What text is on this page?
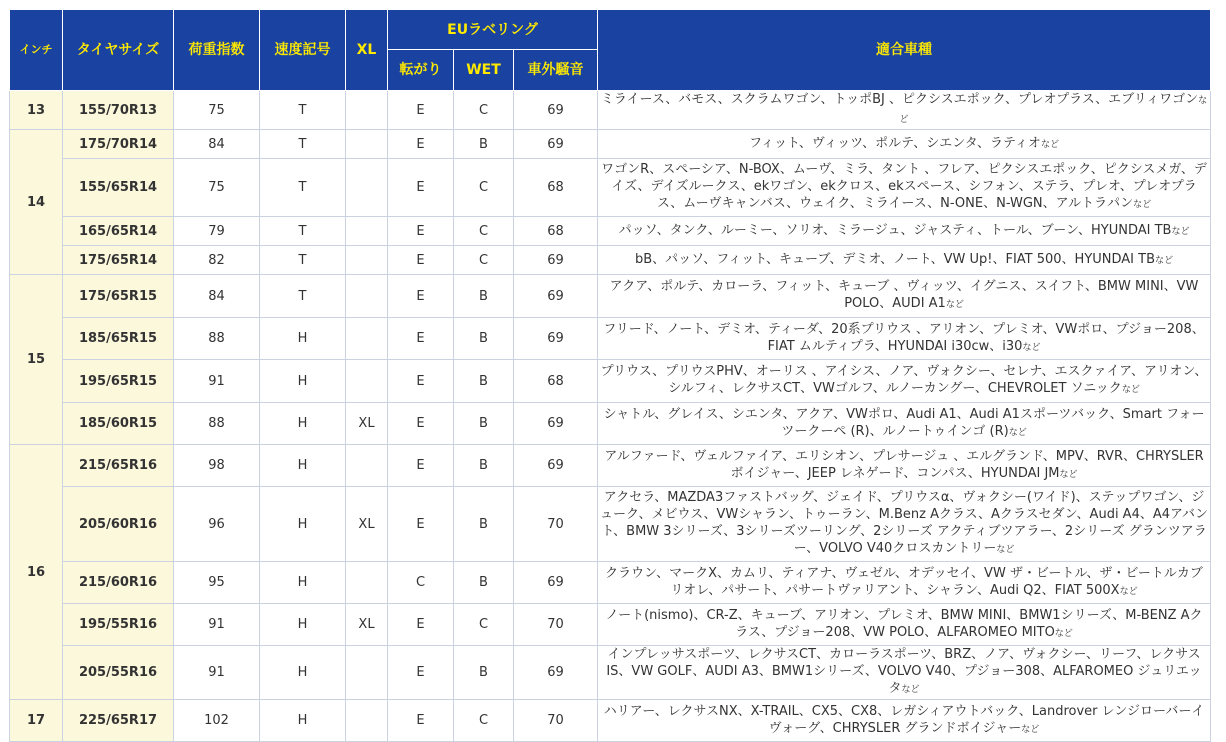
インチ	タイヤサイズ	荷重指数	速度記号	XL	EUラベリング			適合車種
					転がり	WET	車外騒音	
13	155/70R13	75	T		E	C	69	ミライース、バモス、スクラムワゴン、トッポBJ 、ピクシスエポック、プレオプラス、エブリィワゴンなど
14	175/70R14	84	T		E	B	69	フィット、ヴィッツ、ポルテ、シエンタ、ラティオなど
	155/65R14	75	T		E	C	68	ワゴンR、スペーシア、N-BOX、ムーヴ、ミラ、タント 、フレア、ピクシスエポック、ピクシスメガ、デイズ、デイズルークス、ekワゴン、ekクロス、ekスペース、シフォン、ステラ、プレオ、プレオプラス、ムーヴキャンバス、ウェイク、ミライース、N-ONE、N-WGN、アルトラパンなど
	165/65R14	79	T		E	C	68	パッソ、タンク、ルーミー、ソリオ、ミラージュ、ジャスティ、トール、ブーン、HYUNDAI TBなど
	175/65R14	82	T		E	C	69	bB、パッソ、フィット、キューブ、デミオ、ノート、VW Up!、FIAT 500、HYUNDAI TBなど
15	175/65R15	84	T		E	B	69	アクア、ポルテ、カローラ、フィット、キューブ 、ヴィッツ、イグニス、スイフト、BMW MINI、VW POLO、AUDI A1など
	185/65R15	88	H		E	B	69	フリード、ノート、デミオ、ティーダ、20系プリウス 、アリオン、プレミオ、VWポロ、プジョー208、FIAT ムルティプラ、HYUNDAI i30cw、i30など
	195/65R15	91	H		E	B	68	プリウス、プリウスPHV、オーリス 、アイシス、ノア、ヴォクシー、セレナ、エスクァイア、アリオン、シルフィ、レクサスCT、VWゴルフ、ルノーカングー、CHEVROLET ソニックなど
	185/60R15	88	H	XL	E	B	69	シャトル、グレイス、シエンタ、アクア、VWポロ、Audi A1、Audi A1スポーツバック、Smart フォーツークーペ (R)、ルノートゥインゴ (R)など
16	215/65R16	98	H		E	B	69	アルファード、ヴェルファイア、エリシオン、プレサージュ 、エルグランド、MPV、RVR、CHRYSLER ボイジャー、JEEP レネゲード、コンパス、HYUNDAI JMなど
	205/60R16	96	H	XL	E	B	70	アクセラ、MAZDA3ファストバッグ、ジェイド、プリウスα、ヴォクシー(ワイド)、ステップワゴン、ジューク、メビウス、VWシャラン、トゥーラン、M.Benz Aクラス、Aクラスセダン、Audi A4、A4アバント、BMW 3シリーズ、3シリーズツーリング、2シリーズ アクティブツアラー、2シリーズ グランツアラー、VOLVO V40クロスカントリーなど
	215/60R16	95	H		C	B	69	クラウン、マークX、カムリ、ティアナ、ヴェゼル、オデッセイ、VW ザ・ビートル、ザ・ビートルカブリオレ、パサート、パサートヴァリアント、シャラン、Audi Q2、FIAT 500Xなど
	195/55R16	91	H	XL	E	C	70	ノート(nismo)、CR-Z、キューブ、アリオン、プレミオ、BMW MINI、BMW1シリーズ、M-BENZ Aクラス、プジョー208、VW POLO、ALFAROMEO MITOなど
	205/55R16	91	H		E	B	69	インプレッサスポーツ、レクサスCT、カローラスポーツ、BRZ、ノア、ヴォクシー、リーフ、レクサスIS、VW GOLF、AUDI A3、BMW1シリーズ、VOLVO V40、プジョー308、ALFAROMEO ジュリエッタなど
17	225/65R17	102	H		E	C	70	ハリアー、レクサスNX、X-TRAIL、CX5、CX8、レガシィアウトバック、Landrover レンジローバーイヴォーグ、CHRYSLER グランドボイジャーなど
